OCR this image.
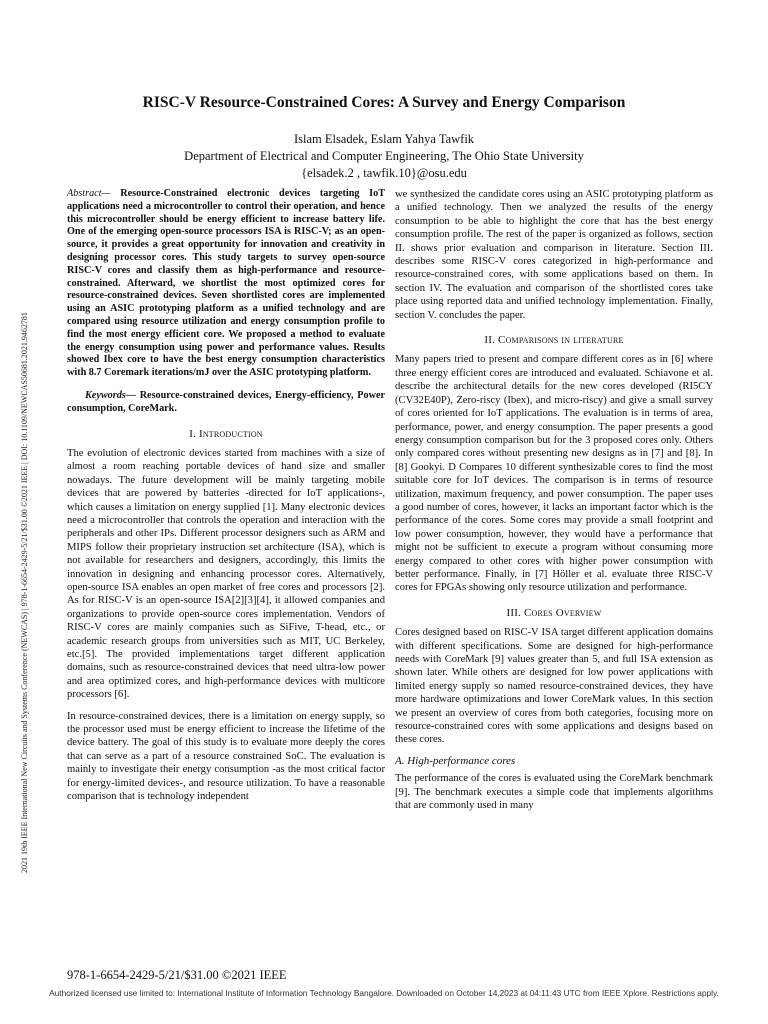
2021 19th IEEE International New Circuits and Systems Conference (NEWCAS) | 978-1-6654-2429-5/21/$31.00 ©2021 IEEE | DOI: 10.1109/NEWCAS50681.2021.9462781
RISC-V Resource-Constrained Cores: A Survey and Energy Comparison
Islam Elsadek, Eslam Yahya Tawfik
Department of Electrical and Computer Engineering, The Ohio State University
{elsadek.2 , tawfik.10}@osu.edu

Abstract— Resource-Constrained electronic devices targeting IoT applications need a microcontroller to control their operation, and hence this microcontroller should be energy efficient to increase battery life. One of the emerging open-source processors ISA is RISC-V; as an open-source, it provides a great opportunity for innovation and creativity in designing processor cores. This study targets to survey open-source RISC-V cores and classify them as high-performance and resource-constrained. Afterward, we shortlist the most optimized cores for resource-constrained devices. Seven shortlisted cores are implemented using an ASIC prototyping platform as a unified technology and are compared using resource utilization and energy consumption profile to find the most energy efficient core. We proposed a method to evaluate the energy consumption using power and performance values. Results showed Ibex core to have the best energy consumption characteristics with 8.7 Coremark iterations/mJ over the ASIC prototyping platform.

Keywords— Resource-constrained devices, Energy-efficiency, Power consumption, CoreMark.

I. Introduction

The evolution of electronic devices started from machines with a size of almost a room reaching portable devices of hand size and smaller nowadays. The future development will be mainly targeting mobile devices that are powered by batteries -directed for IoT applications-, which causes a limitation on energy supplied [1]. Many electronic devices need a microcontroller that controls the operation and interaction with the peripherals and other IPs. Different processor designers such as ARM and MIPS follow their proprietary instruction set architecture (ISA), which is not available for researchers and designers, accordingly, this limits the innovation in designing and enhancing processor cores. Alternatively, open-source ISA enables an open market of free cores and processors [2]. As for RISC-V is an open-source ISA[2][3][4], it allowed companies and organizations to provide open-source cores implementation. Vendors of RISC-V cores are mainly companies such as SiFive, T-head, etc., or academic research groups from universities such as MIT, UC Berkeley, etc.[5]. The provided implementations target different application domains, such as resource-constrained devices that need ultra-low power and area optimized cores, and high-performance devices with multicore processors [6].

In resource-constrained devices, there is a limitation on energy supply, so the processor used must be energy efficient to increase the lifetime of the device battery. The goal of this study is to evaluate more deeply the cores that can serve as a part of a resource constrained SoC. The evaluation is mainly to investigate their energy consumption -as the most critical factor for energy-limited devices-, and resource utilization. To have a reasonable comparison that is technology independent

we synthesized the candidate cores using an ASIC prototyping platform as a unified technology. Then we analyzed the results of the energy consumption to be able to highlight the core that has the best energy consumption profile. The rest of the paper is organized as follows, section II. shows prior evaluation and comparison in literature. Section III. describes some RISC-V cores categorized in high-performance and resource-constrained cores, with some applications based on them. In section IV. The evaluation and comparison of the shortlisted cores take place using reported data and unified technology implementation. Finally, section V. concludes the paper.

II. Comparisons in literature

Many papers tried to present and compare different cores as in [6] where three energy efficient cores are introduced and evaluated. Schiavone et al. describe the architectural details for the new cores developed (RI5CY (CV32E40P), Zero-riscy (Ibex), and micro-riscy) and give a small survey of cores oriented for IoT applications. The evaluation is in terms of area, performance, power, and energy consumption. The paper presents a good energy consumption comparison but for the 3 proposed cores only. Others only compared cores without presenting new designs as in [7] and [8]. In [8] Gookyi. D Compares 10 different synthesizable cores to find the most suitable core for IoT devices. The comparison is in terms of resource utilization, maximum frequency, and power consumption. The paper uses a good number of cores, however, it lacks an important factor which is the performance of the cores. Some cores may provide a small footprint and low power consumption, however, they would have a performance that might not be sufficient to execute a program without consuming more energy compared to other cores with higher power consumption with better performance. Finally, in [7] Höller et al. evaluate three RISC-V cores for FPGAs showing only resource utilization and performance.

III. Cores Overview

Cores designed based on RISC-V ISA target different application domains with different specifications. Some are designed for high-performance needs with CoreMark [9] values greater than 5, and full ISA extension as shown later. While others are designed for low power applications with limited energy supply so named resource-constrained devices, they have more hardware optimizations and lower CoreMark values. In this section we present an overview of cores from both categories, focusing more on resource-constrained cores with some applications and designs based on these cores.

A. High-performance cores

The performance of the cores is evaluated using the CoreMark benchmark [9]. The benchmark executes a simple code that implements algorithms that are commonly used in many

978-1-6654-2429-5/21/$31.00 ©2021 IEEE
Authorized licensed use limited to: International Institute of Information Technology Bangalore. Downloaded on October 14,2023 at 04:11:43 UTC from IEEE Xplore. Restrictions apply.
